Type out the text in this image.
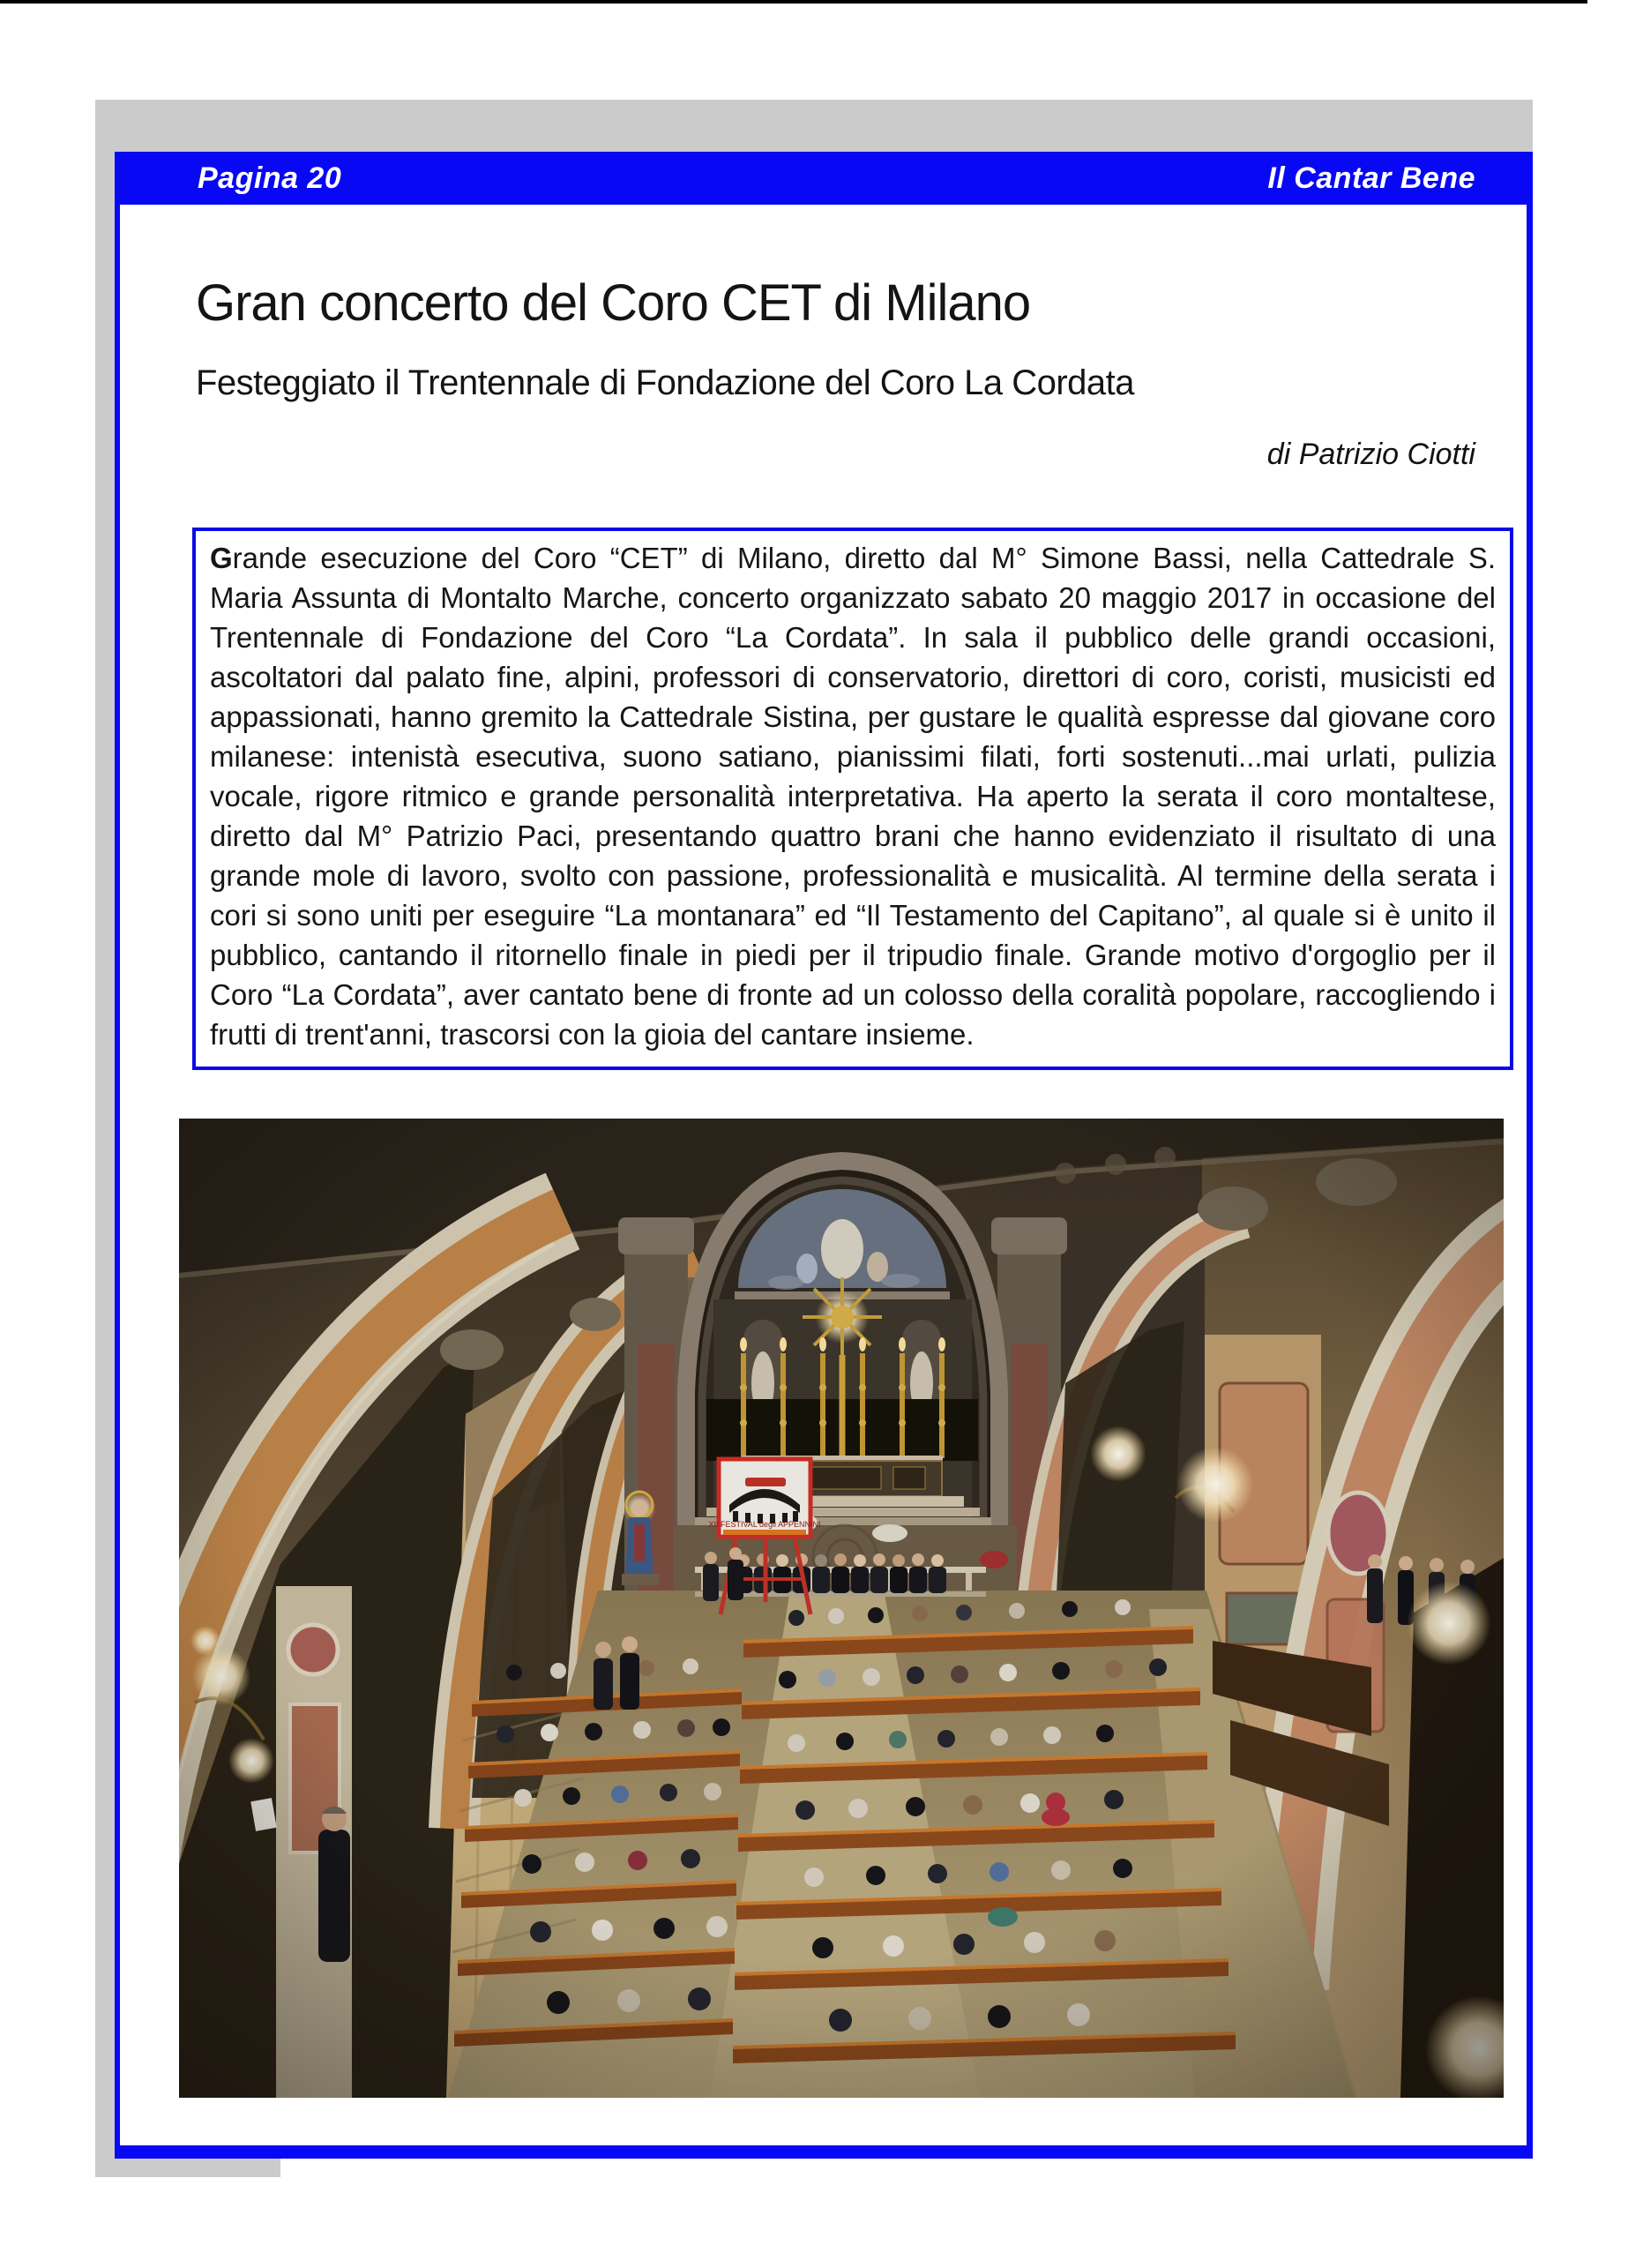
Pagina 20	Il Cantar Bene
Gran concerto del Coro CET di Milano
Festeggiato il Trentennale di Fondazione del Coro La Cordata
di Patrizio Ciotti

Grande esecuzione del Coro “CET” di Milano, diretto dal M° Simone Bassi, nella Cattedrale S. Maria Assunta di Montalto Marche, concerto organizzato sabato 20 maggio 2017 in occasione del Trentennale di Fondazione del Coro “La Cordata”. In sala il pubblico delle grandi occasioni, ascoltatori dal palato fine, alpini, professori di conservatorio, direttori di coro, coristi, musicisti ed appassionati, hanno gremito la Cattedrale Sistina, per gustare le qualità espresse dal giovane coro milanese: intenistà esecutiva, suono satiano, pianissimi filati, forti sostenuti...mai urlati, pulizia vocale, rigore ritmico e grande personalità interpretativa. Ha aperto la serata il coro montaltese, diretto dal M° Patrizio Paci, presentando quattro brani che hanno evidenziato il risultato di una grande mole di lavoro, svolto con passione, professionalità e musicalità. Al termine della serata i cori si sono uniti per eseguire “La montanara” ed “Il Testamento del Capitano”, al quale si è unito il pubblico, cantando il ritornello finale in piedi per il tripudio finale. Grande motivo d'orgoglio per il Coro “La Cordata”, aver cantato bene di fronte ad un colosso della coralità popolare, raccogliendo i frutti di trent'anni, trascorsi con la gioia del cantare insieme.
